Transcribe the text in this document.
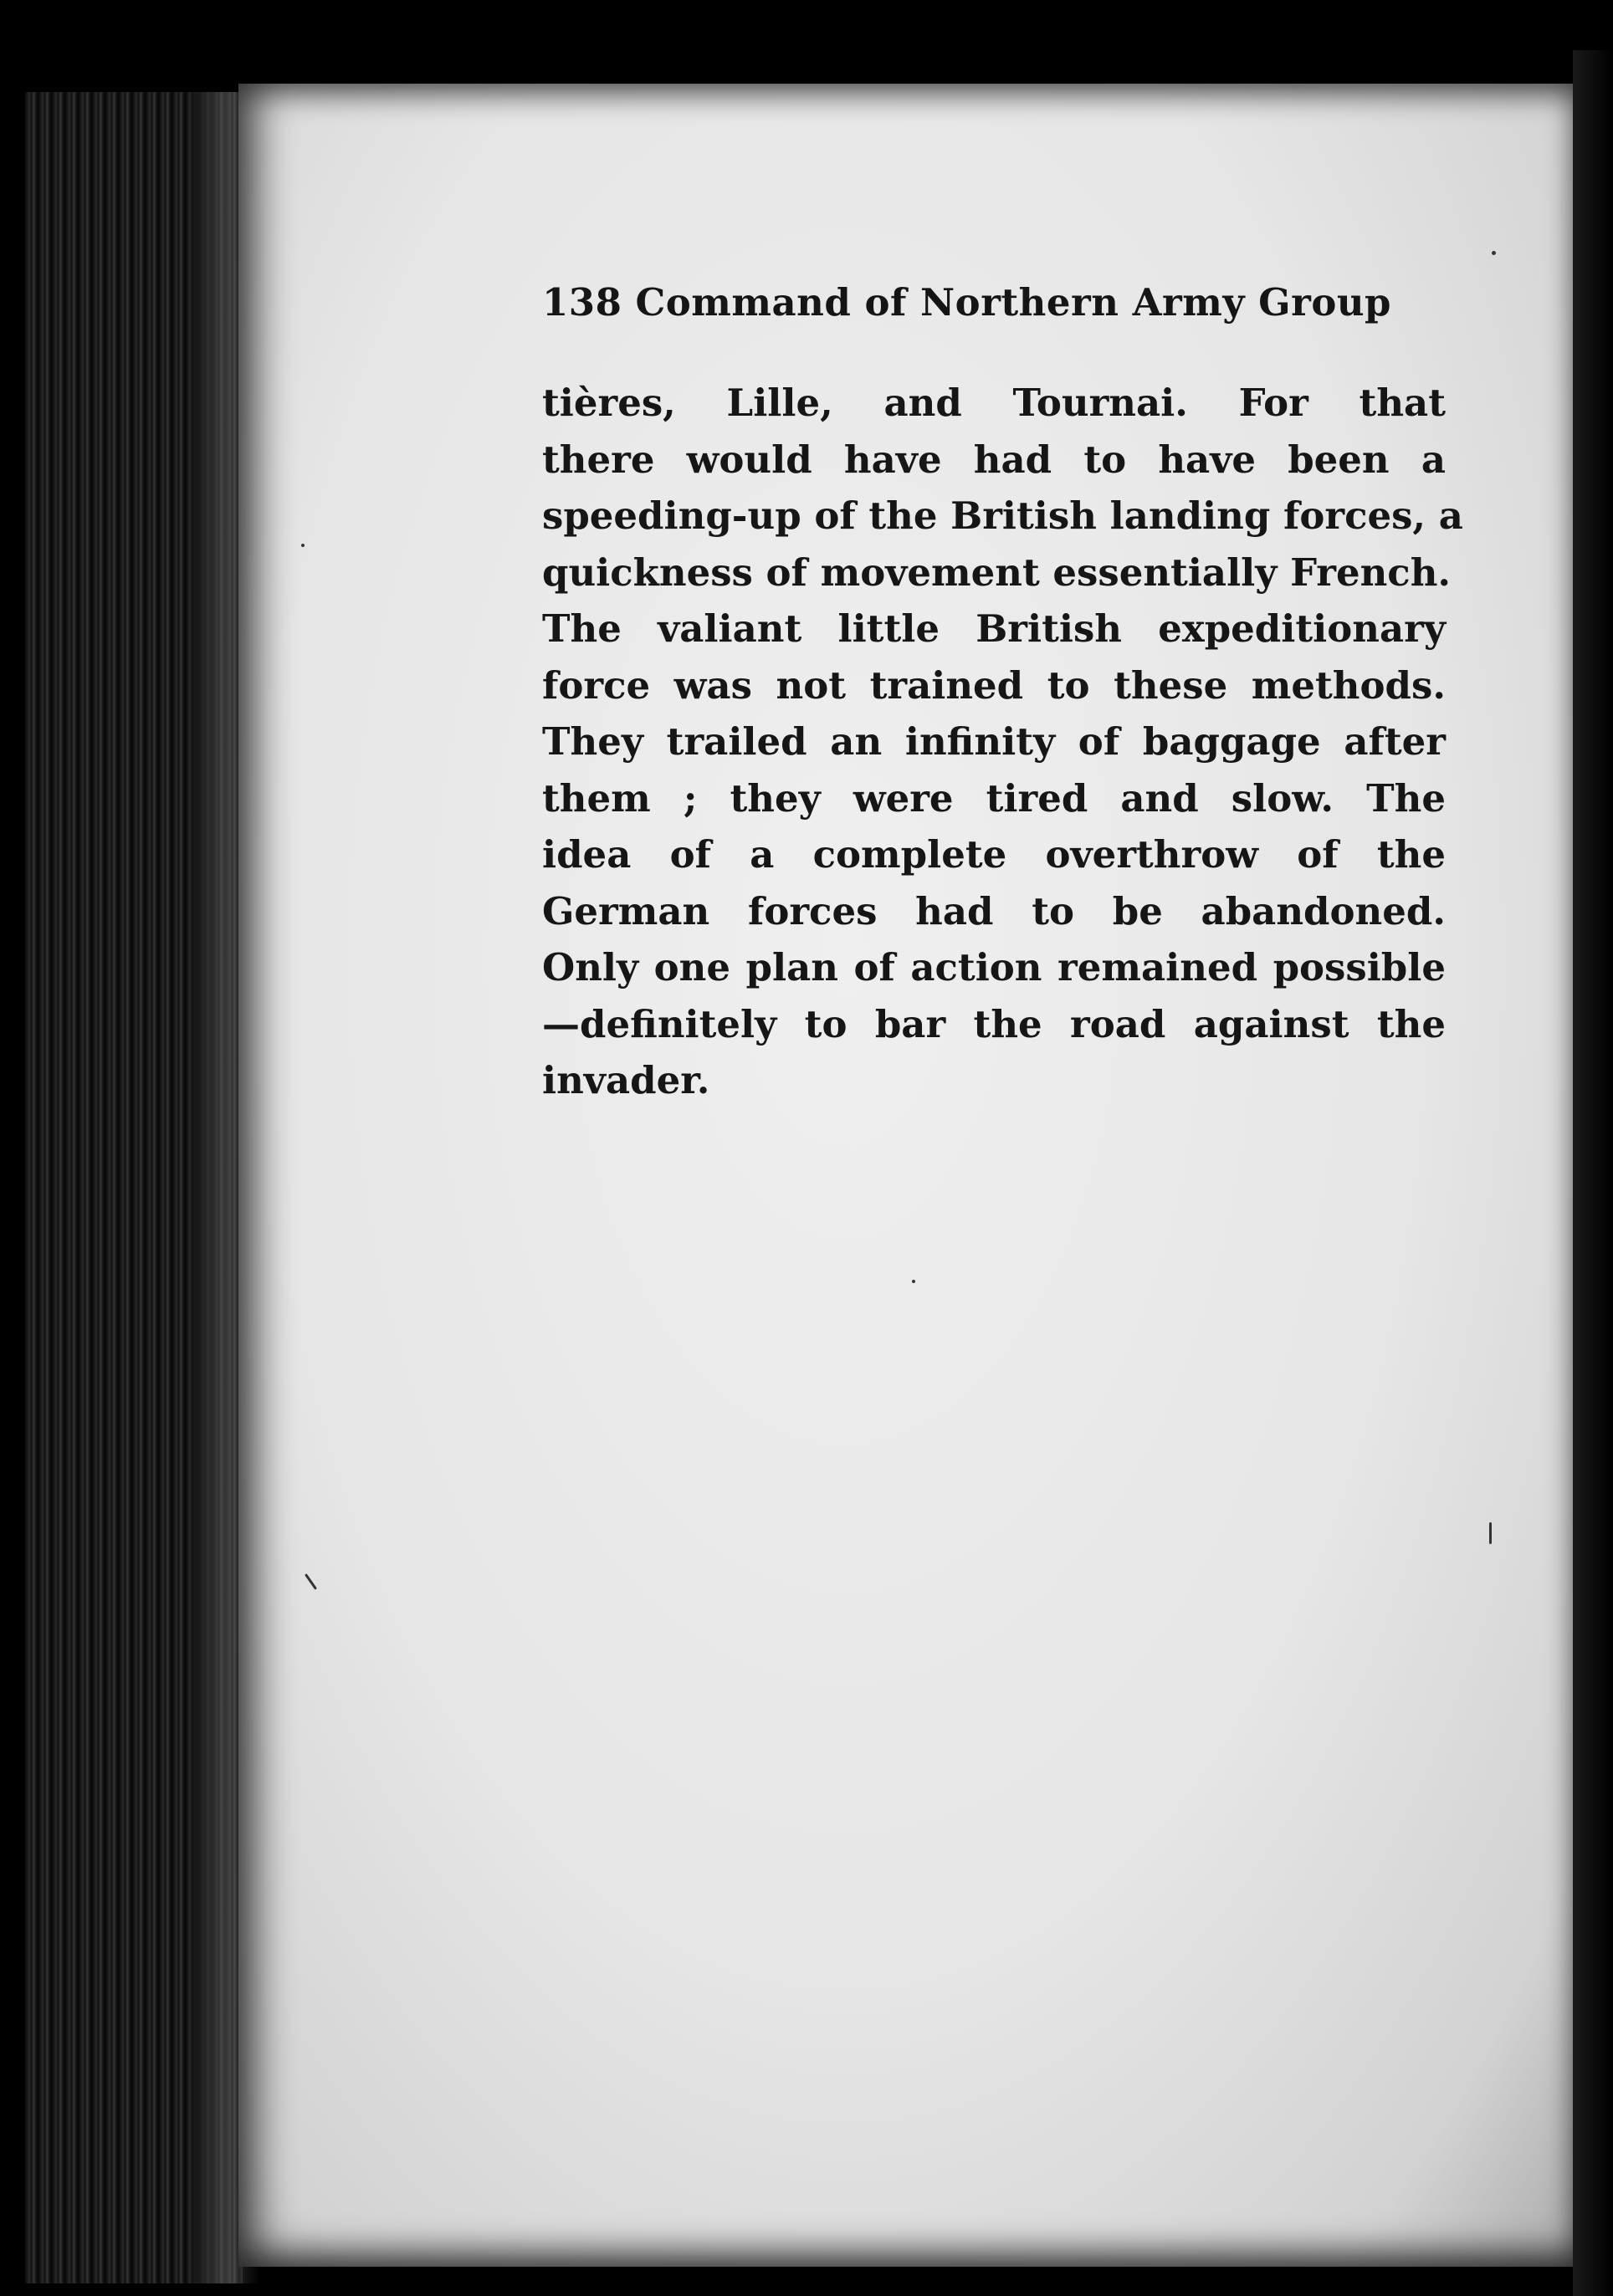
138 Command of Northern Army Group
tières, Lille, and Tournai. For that
there would have had to have been a
speeding-up of the British landing forces, a
quickness of movement essentially French.
The valiant little British expeditionary
force was not trained to these methods.
They trailed an infinity of baggage after
them ; they were tired and slow. The
idea of a complete overthrow of the
German forces had to be abandoned.
Only one plan of action remained possible
—definitely to bar the road against the
invader.
